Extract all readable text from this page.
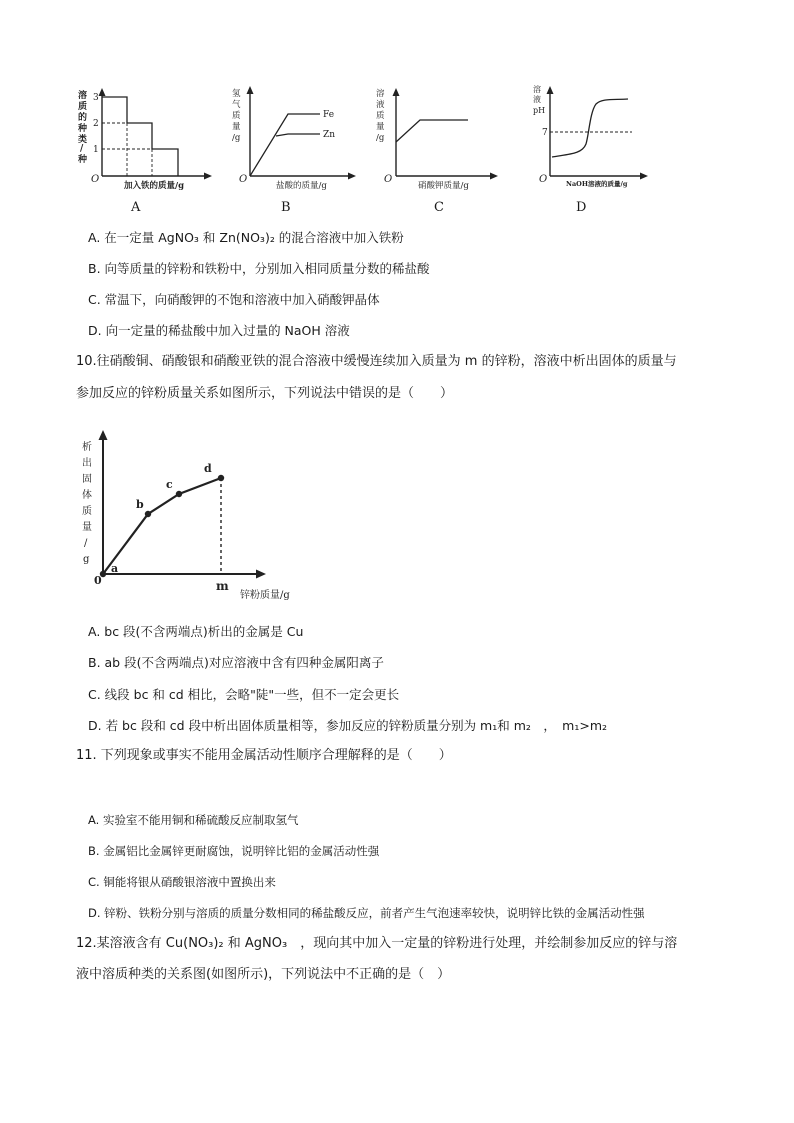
3
2
1
O
溶
质
的
种
类
/
种
加入铁的质量/g
Fe
Zn
O
氢
气
质
量
/g
盐酸的质量/g
O
溶
液
质
量
/g
硝酸钾质量/g
7
O
溶
液
pH
NaOH溶液的质量/g
A	B	C	D
A. 在一定量 AgNO₃ 和 Zn(NO₃)₂ 的混合溶液中加入铁粉
B. 向等质量的锌粉和铁粉中，分别加入相同质量分数的稀盐酸
C. 常温下，向硝酸钾的不饱和溶液中加入硝酸钾晶体
D. 向一定量的稀盐酸中加入过量的 NaOH 溶液
10.往硝酸铜、硝酸银和硝酸亚铁的混合溶液中缓慢连续加入质量为 m 的锌粉，溶液中析出固体的质量与
参加反应的锌粉质量关系如图所示，下列说法中错误的是（　　）
a
b
c
d
0	m
锌粉质量/g
析
出
固
体
质
量
/
g
A. bc 段(不含两端点)析出的金属是 Cu
B. ab 段(不含两端点)对应溶液中含有四种金属阳离子
C. 线段 bc 和 cd 相比，会略"陡"一些，但不一定会更长
D. 若 bc 段和 cd 段中析出固体质量相等，参加反应的锌粉质量分别为 m₁和 m₂　，　m₁>m₂
11. 下列现象或事实不能用金属活动性顺序合理解释的是（　　）
A. 实验室不能用铜和稀硫酸反应制取氢气
B. 金属铝比金属锌更耐腐蚀，说明锌比铝的金属活动性强
C. 铜能将银从硝酸银溶液中置换出来
D. 锌粉、铁粉分别与溶质的质量分数相同的稀盐酸反应，前者产生气泡速率较快，说明锌比铁的金属活动性强
12.某溶液含有 Cu(NO₃)₂ 和 AgNO₃　，现向其中加入一定量的锌粉进行处理，并绘制参加反应的锌与溶
液中溶质种类的关系图(如图所示)，下列说法中不正确的是（　）
